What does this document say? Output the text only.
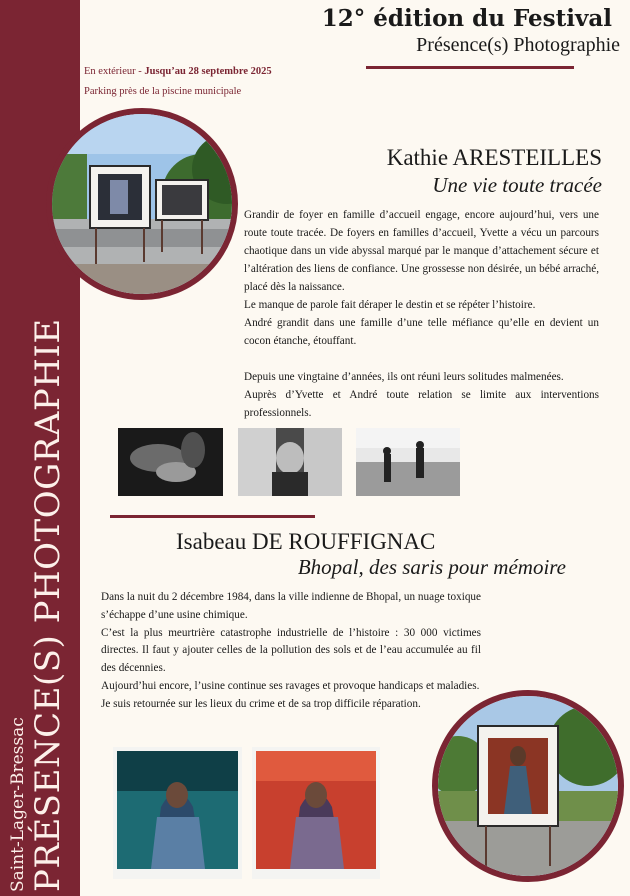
Saint-Lager-Bressac PRÉSENCE(S) PHOTOGRAPHIE
12° édition du Festival
Présence(s) Photographie
En extérieur - Jusqu’au 28 septembre 2025
Parking près de la piscine municipale
Kathie ARESTEILLES
Une vie toute tracée

Grandir de foyer en famille d’accueil engage, encore aujourd’hui, vers une route toute tracée. De foyers en familles d’accueil, Yvette a vécu un parcours chaotique dans un vide abyssal marqué par le manque d’attachement sécure et l’altération des liens de confiance. Une grossesse non désirée, un bébé arraché, placé dès la naissance.

Le manque de parole fait déraper le destin et se répéter l’histoire.

André grandit dans une famille d’une telle méfiance qu’elle en devient un cocon étanche, étouffant.

Depuis une vingtaine d’années, ils ont réuni leurs solitudes malmenées.

Auprès d’Yvette et André toute relation se limite aux interventions professionnels.

Isabeau DE ROUFFIGNAC
Bhopal, des saris pour mémoire

Dans la nuit du 2 décembre 1984, dans la ville indienne de Bhopal, un nuage toxique s’échappe d’une usine chimique.

C’est la plus meurtrière catastrophe industrielle de l’histoire : 30 000 victimes directes. Il faut y ajouter celles de la pollution des sols et de l’eau accumulée au fil des décennies.

Aujourd’hui encore, l’usine continue ses ravages et provoque handicaps et maladies.

Je suis retournée sur les lieux du crime et de sa trop difficile réparation.
